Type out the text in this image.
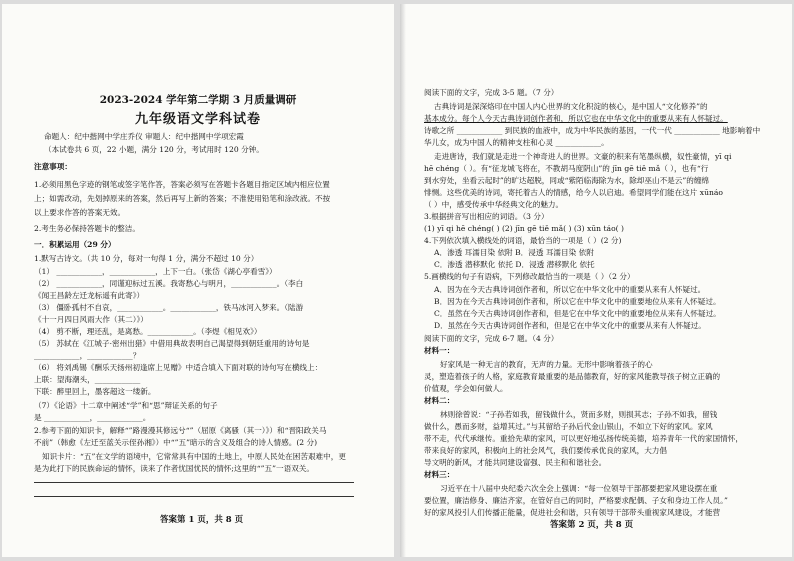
2023-2024 学年第二学期 3 月质量调研
九年级语文学科试卷
命题人：纪中揩网中学庄乔仪 审题人：纪中揩网中学项宏霞
（本试卷共 6 页，22 小题，满分 120 分，考试用时 120 分钟。
注意事项：
1.必须用黑色字迹的钢笔或签字笔作答，答案必须写在答题卡各题目指定区域内相应位置
上；如需改动，先划掉原来的答案，然后再写上新的答案；不准使用铅笔和涂改液。不按
以上要求作答的答案无效。
2.考生务必保持答题卡的整洁。
一．积累运用（29 分）
1.默写古诗文。（共 10 分，每对一句得 1 分，满分不超过 10 分）
（1） ____________，____________，上下一白。（张岱《湖心亭看雪》）
（2） ____________，同谨迎标过五溪。我寄愁心与明月，____________。（李白
《闻王昌龄左迁龙标遥有此寄》）
（3） 僵卧孤村不自哀，____________。____________，铁马冰河入梦来。（陆游
《十一月四日风雨大作（其二）》）
（4） 剪不断，理还乱，是离愁。____________。（李煜《相见欢》）
（5） 苏轼在《江城子·密州出猎》中借用典故表明自己渴望得到朝廷重用的诗句是
____________，____________？
（6） 将刘禹锡《酬乐天扬州初逢席上见赠》中适合填入下面对联的诗句写在横线上：
上联：望海潮头，____________
下联：醉里回上，墨客超这一缕新。
（7）《论语》十二章中阐述“学”和“思”辩证关系的句子
是 ____________，____________。
2.参考下面的知识卡，解释“”路漫漫其修远兮“”（屈原《离骚（其一）》）和“晋阳政关马
不前”（韩愈《左迁至蓝关示侄孙湘》）中“”五”暗示的含义及组合的诗人情感。(2 分)
知识卡片：“五”在文学的语境中，它常常具有中国的土地上，中原人民处在困苦艰难中，更
是为此打下的民族命运的情怀，读来了作者忧国忧民的情怀;这里的“”五”一语双关。
答案第 1 页，共 8 页
阅读下面的文字，完成 3-5 题。（7 分）
古典诗词是深深烙印在中国人内心世界的文化积淀的核心，是中国人“文化修养”的
基本成分。每个人今天古典诗词创作者和，所以它也在中华文化中的重要从来有人怀疑过。
诗歌之所 ____________ 到民族的血液中，成为中华民族的基因，一代一代 ____________ 地影响着中
华儿女，成为中国人的精神支柱和心灵 ____________。
走进唐诗，我们就是走进一个神奇进人的世界。文豪的积来有笔墨纵横，奴性豪情，yī qi
hē chéng（ ）。有“征龙城飞将在，不教胡马度阴山”的 jīn gē tiě mǎ（ ），也有“行
到水穷处，坐看云起时”的旷达超脱，同或“紫陌临海除为水，除却巫山不是云”的缠绵
悱恻。这些优美的诗词，寄托着古人的情感，给今人以启迪。希望同学们能在这片 xūnáo
（ ）中，感受传承中华经典文化的魅力。
3.根据拼音写出相应的词语。（3 分）
(1) yī qi hē chéng( ) (2) jīn gē tiě mǎ( ) (3) xūn táo( )
4.下列依次填入横线处的词语，最恰当的一项是（ ）(2 分)
A．渗透 耳濡目染 依附 B．浸透 耳濡目染 依附
C．渗透 潜移默化 依托 D．浸透 潜移默化 依托
5.画横线的句子有语病，下列修改最恰当的一项是（ ）（2 分）
A．因为在今天古典诗词创作者和，所以它在中华文化中的重要从来有人怀疑过。
B．因为在今天古典诗词创作者和，所以它在中华文化中的重要地位从来有人怀疑过。
C．虽然在今天古典诗词创作者和，但是它在中华文化中的重要地位从来有人怀疑过。
D．虽然在今天古典诗词创作者和，但是它在中华文化中的重要从来有人怀疑过。
阅读下面的文字，完成 6-7 题。（4 分）
材料一：
好家风是一种无言的教育，无声的力量。无形中影响着孩子的心
灵，塑造着孩子的人格，家庭教育最重要的是品德教育，好的家风能教导孩子树立正确的
价值观，学会如何做人。
材料二：
林则徐曾说：“子孙若如我，留钱做什么，贤而多财，则损其志；子孙不如我，留钱
做什么，愚而多财，益增其过。”与其留给子孙后代金山银山，不如立下好的家风。家风
带不走，代代承继传。重拾先辈的家风，可以更好地弘扬传统美德，培养青年一代的家国情怀，
带来良好的家风，积极向上的社会风气，我们要传承优良的家风，大力倡
导文明的新风，才能共同建设富强、民主和和谐社会。
材料三：
习近平在十八届中央纪委六次全会上强调：“每一位领导干部都要把家风建设摆在重
要位置，廉洁修身、廉洁齐家，在管好自己的同时，严格要求配偶、子女和身边工作人员。”
好的家风投引人们传播正能量，促进社会和谐，只有领导干部带头重视家风建设，才能营
答案第 2 页，共 8 页
